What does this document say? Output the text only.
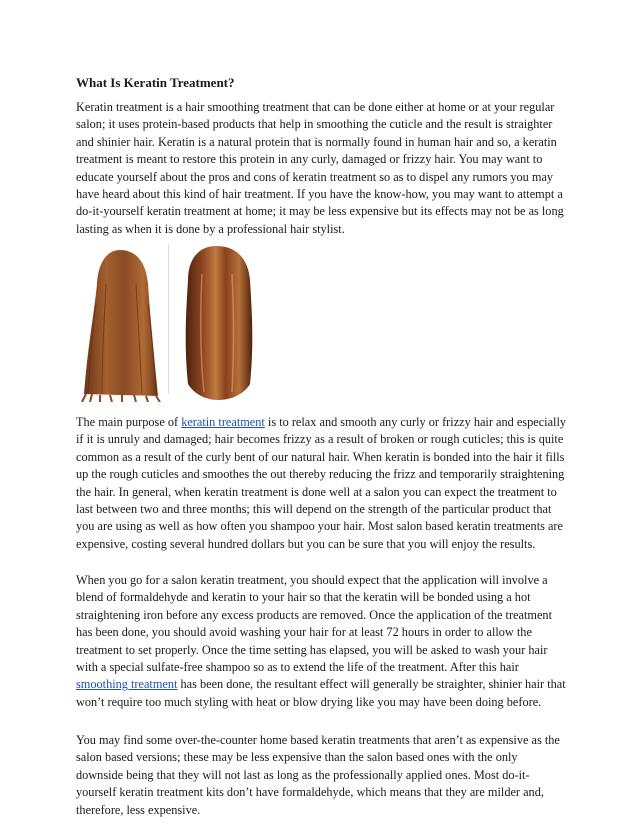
What Is Keratin Treatment?

Keratin treatment is a hair smoothing treatment that can be done either at home or at your regular salon; it uses protein-based products that help in smoothing the cuticle and the result is straighter and shinier hair. Keratin is a natural protein that is normally found in human hair and so, a keratin treatment is meant to restore this protein in any curly, damaged or frizzy hair. You may want to educate yourself about the pros and cons of keratin treatment so as to dispel any rumors you may have heard about this kind of hair treatment. If you have the know-how, you may want to attempt a do-it-yourself keratin treatment at home; it may be less expensive but its effects may not be as long lasting as when it is done by a professional hair stylist.

The main purpose of keratin treatment is to relax and smooth any curly or frizzy hair and especially if it is unruly and damaged; hair becomes frizzy as a result of broken or rough cuticles; this is quite common as a result of the curly bent of our natural hair. When keratin is bonded into the hair it fills up the rough cuticles and smoothes the out thereby reducing the frizz and temporarily straightening the hair. In general, when keratin treatment is done well at a salon you can expect the treatment to last between two and three months; this will depend on the strength of the particular product that you are using as well as how often you shampoo your hair. Most salon based keratin treatments are expensive, costing several hundred dollars but you can be sure that you will enjoy the results.

When you go for a salon keratin treatment, you should expect that the application will involve a blend of formaldehyde and keratin to your hair so that the keratin will be bonded using a hot straightening iron before any excess products are removed. Once the application of the treatment has been done, you should avoid washing your hair for at least 72 hours in order to allow the treatment to set properly. Once the time setting has elapsed, you will be asked to wash your hair with a special sulfate-free shampoo so as to extend the life of the treatment. After this hair smoothing treatment has been done, the resultant effect will generally be straighter, shinier hair that won’t require too much styling with heat or blow drying like you may have been doing before.

You may find some over-the-counter home based keratin treatments that aren’t as expensive as the salon based versions; these may be less expensive than the salon based ones with the only downside being that they will not last as long as the professionally applied ones. Most do-it-yourself keratin treatment kits don’t have formaldehyde, which means that they are milder and, therefore, less expensive.
